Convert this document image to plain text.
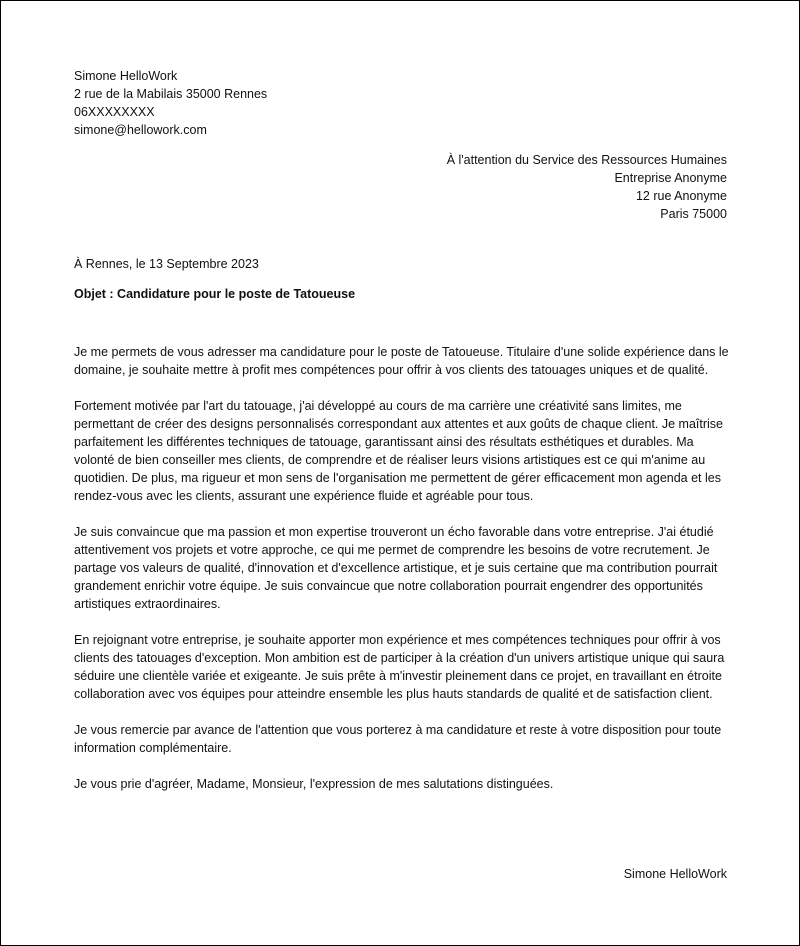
Simone HelloWork
2 rue de la Mabilais 35000 Rennes
06XXXXXXXX
simone@hellowork.com
À l'attention du Service des Ressources Humaines
Entreprise Anonyme
12 rue Anonyme
Paris 75000
À Rennes, le 13 Septembre 2023
Objet : Candidature pour le poste de Tatoueuse

Je me permets de vous adresser ma candidature pour le poste de Tatoueuse. Titulaire d'une solide expérience dans le domaine, je souhaite mettre à profit mes compétences pour offrir à vos clients des tatouages uniques et de qualité.

Fortement motivée par l'art du tatouage, j'ai développé au cours de ma carrière une créativité sans limites, me permettant de créer des designs personnalisés correspondant aux attentes et aux goûts de chaque client. Je maîtrise parfaitement les différentes techniques de tatouage, garantissant ainsi des résultats esthétiques et durables. Ma volonté de bien conseiller mes clients, de comprendre et de réaliser leurs visions artistiques est ce qui m'anime au quotidien. De plus, ma rigueur et mon sens de l'organisation me permettent de gérer efficacement mon agenda et les rendez-vous avec les clients, assurant une expérience fluide et agréable pour tous.

Je suis convaincue que ma passion et mon expertise trouveront un écho favorable dans votre entreprise. J'ai étudié attentivement vos projets et votre approche, ce qui me permet de comprendre les besoins de votre recrutement. Je partage vos valeurs de qualité, d'innovation et d'excellence artistique, et je suis certaine que ma contribution pourrait grandement enrichir votre équipe. Je suis convaincue que notre collaboration pourrait engendrer des opportunités artistiques extraordinaires.

En rejoignant votre entreprise, je souhaite apporter mon expérience et mes compétences techniques pour offrir à vos clients des tatouages d'exception. Mon ambition est de participer à la création d'un univers artistique unique qui saura séduire une clientèle variée et exigeante. Je suis prête à m'investir pleinement dans ce projet, en travaillant en étroite collaboration avec vos équipes pour atteindre ensemble les plus hauts standards de qualité et de satisfaction client.

Je vous remercie par avance de l'attention que vous porterez à ma candidature et reste à votre disposition pour toute information complémentaire.

Je vous prie d'agréer, Madame, Monsieur, l'expression de mes salutations distinguées.

Simone HelloWork
